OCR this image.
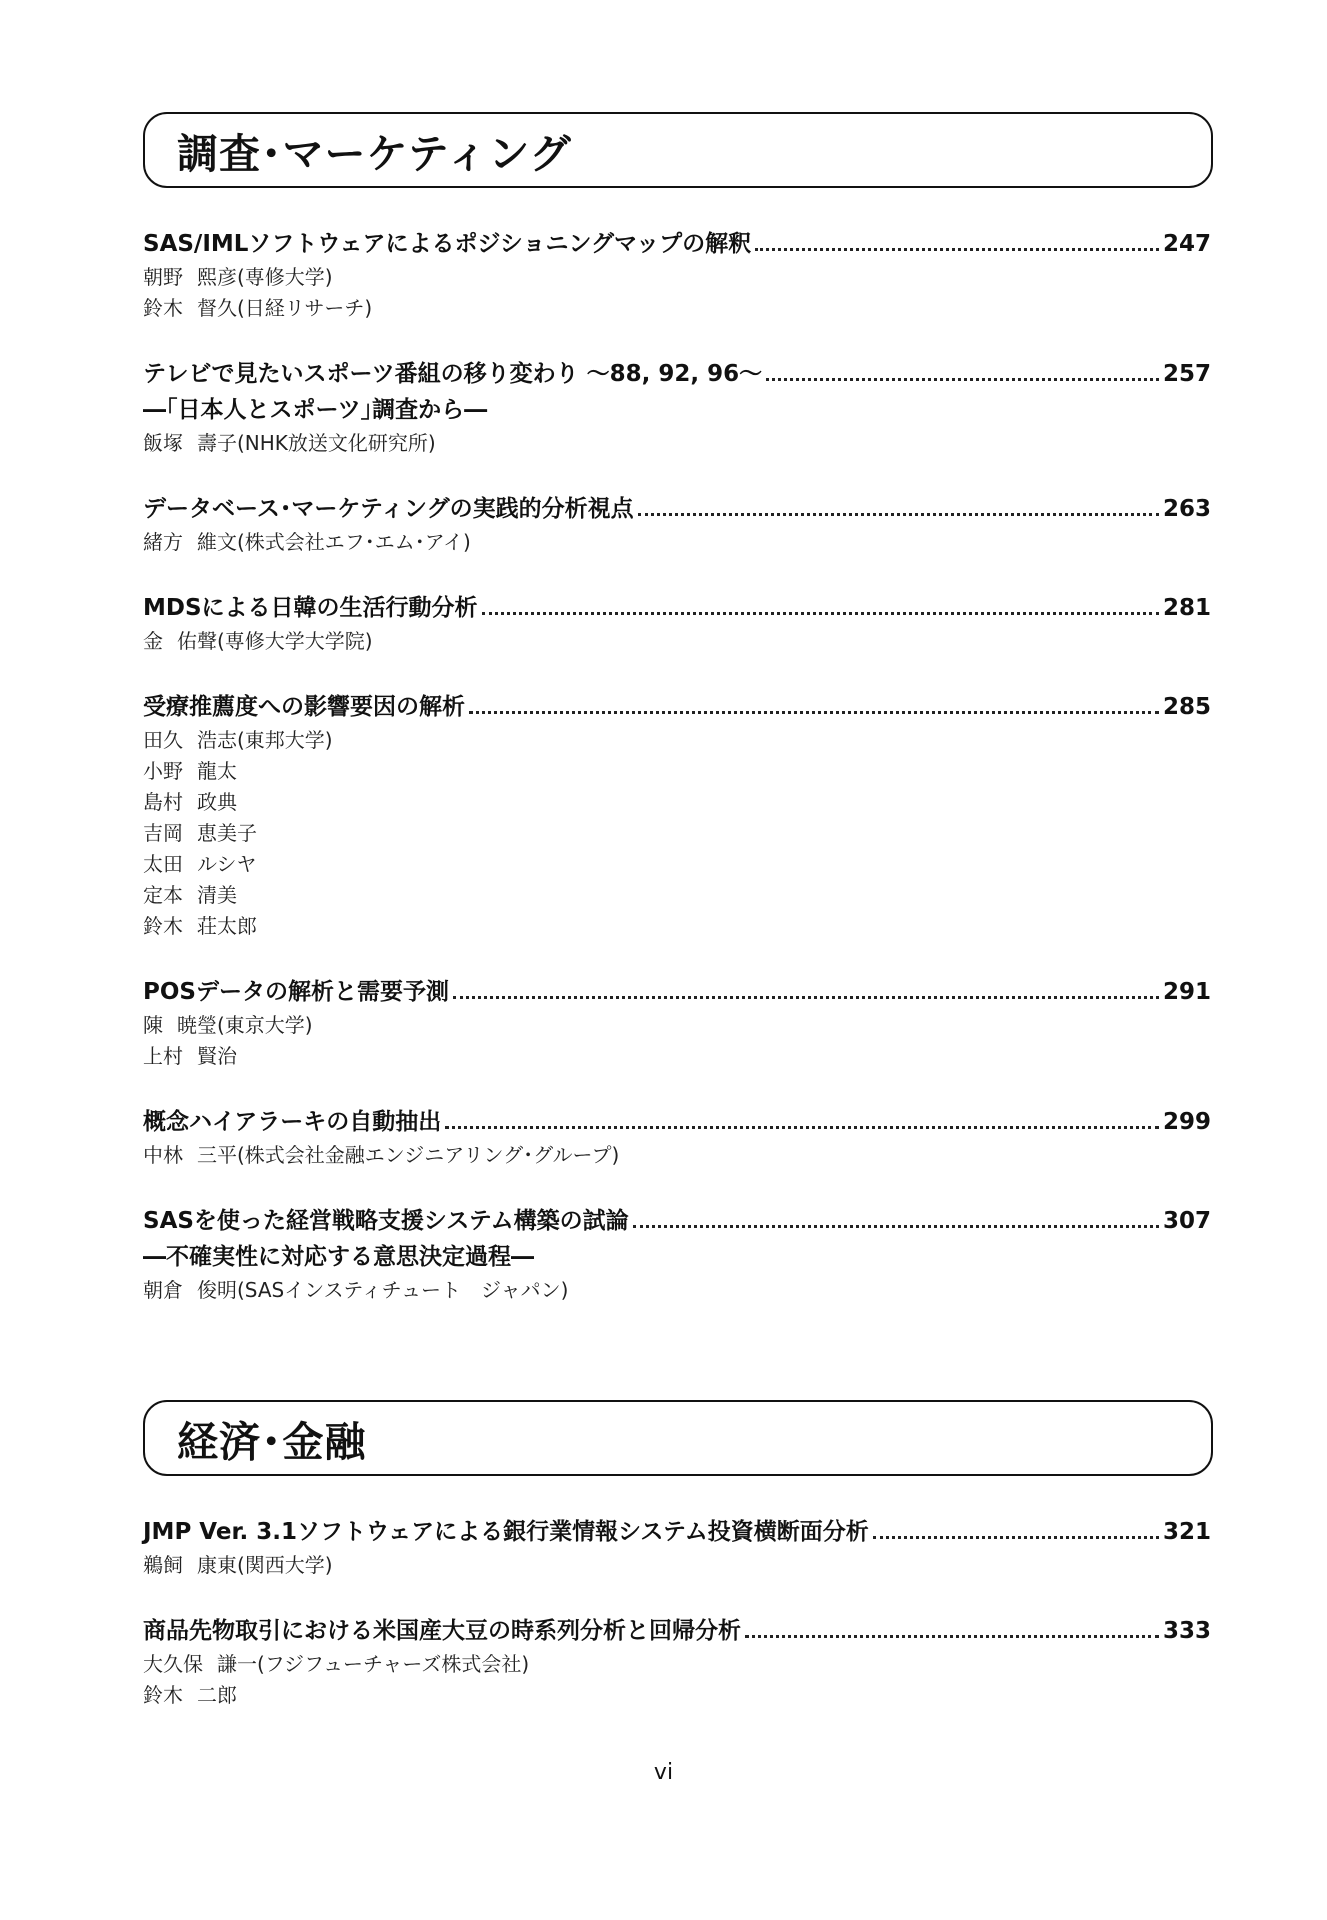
調査･マーケティング
SAS/IMLソフトウェアによるポジショニングマップの解釈	247
朝野 熙彦(専修大学)
鈴木 督久(日経リサーチ)
テレビで見たいスポーツ番組の移り変わり ～88, 92, 96～	257
―｢日本人とスポーツ｣調査から―
飯塚 壽子(NHK放送文化研究所)
データベース･マーケティングの実践的分析視点	263
緒方 維文(株式会社エフ･エム･アイ)
MDSによる日韓の生活行動分析	281
金 佑聲(専修大学大学院)
受療推薦度への影響要因の解析	285
田久 浩志(東邦大学)
小野 龍太
島村 政典
吉岡 恵美子
太田 ルシヤ
定本 清美
鈴木 荘太郎
POSデータの解析と需要予測	291
陳 暁瑩(東京大学)
上村 賢治
概念ハイアラーキの自動抽出	299
中林 三平(株式会社金融エンジニアリング･グループ)
SASを使った経営戦略支援システム構築の試論	307
―不確実性に対応する意思決定過程―
朝倉 俊明(SASインスティチュート　ジャパン)
経済･金融
JMP Ver. 3.1ソフトウェアによる銀行業情報システム投資横断面分析	321
鵜飼 康東(関西大学)
商品先物取引における米国産大豆の時系列分析と回帰分析	333
大久保 謙一(フジフューチャーズ株式会社)
鈴木 二郎
vi
